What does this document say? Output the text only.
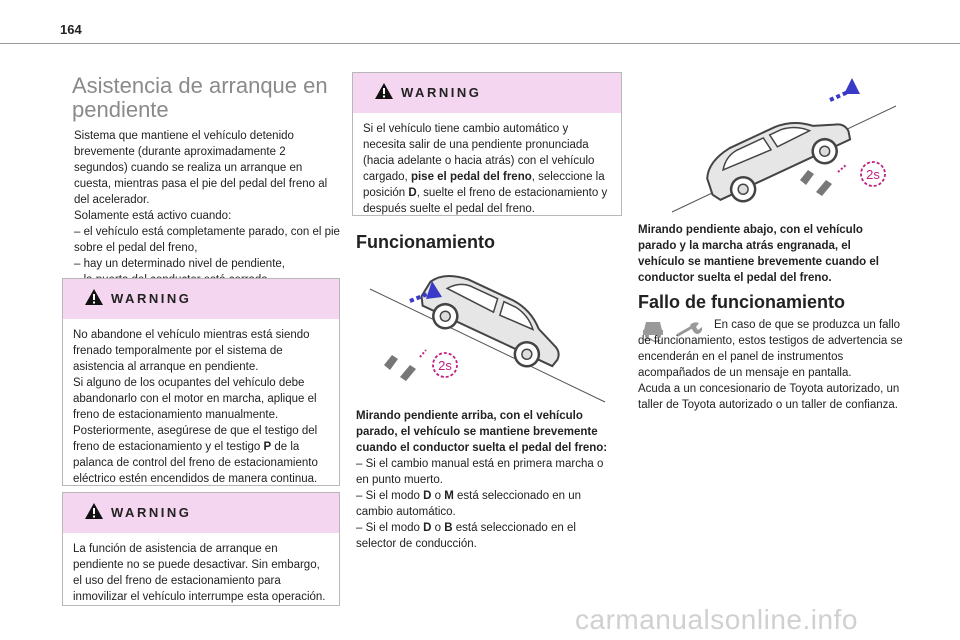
164
Asistencia de arranque en pendiente
Sistema que mantiene el vehículo detenido brevemente (durante aproximadamente 2 segundos) cuando se realiza un arranque en cuesta, mientras pasa el pie del pedal del freno al del acelerador.
Solamente está activo cuando:
– el vehículo está completamente parado, con el pie sobre el pedal del freno,
– hay un determinado nivel de pendiente,
WARNING
No abandone el vehículo mientras está siendo frenado temporalmente por el sistema de asistencia al arranque en pendiente.
Si alguno de los ocupantes del vehículo debe abandonarlo con el motor en marcha, aplique el freno de estacionamiento manualmente.
Posteriormente, asegúrese de que el testigo del freno de estacionamiento y el testigo P de la palanca de control del freno de estacionamiento eléctrico estén encendidos de manera continua.
WARNING
La función de asistencia de arranque en pendiente no se puede desactivar. Sin embargo, el uso del freno de estacionamiento para inmovilizar el vehículo interrumpe esta operación.
WARNING
Si el vehículo tiene cambio automático y necesita salir de una pendiente pronunciada (hacia adelante o hacia atrás) con el vehículo cargado, pise el pedal del freno, seleccione la posición D, suelte el freno de estacionamiento y después suelte el pedal del freno.
Funcionamiento
2s
Mirando pendiente arriba, con el vehículo parado, el vehículo se mantiene brevemente cuando el conductor suelta el pedal del freno:
– Si el cambio manual está en primera marcha o en punto muerto.
– Si el modo D o M está seleccionado en un cambio automático.
– Si el modo D o B está seleccionado en el selector de conducción.
2s
Mirando pendiente abajo, con el vehículo parado y la marcha atrás engranada, el vehículo se mantiene brevemente cuando el conductor suelta el pedal del freno.
Fallo de funcionamiento
En caso de que se produzca un fallo de funcionamiento, estos testigos de advertencia se encenderán en el panel de instrumentos acompañados de un mensaje en pantalla.
Acuda a un concesionario de Toyota autorizado, un taller de Toyota autorizado o un taller de confianza.
carmanualsonline.info
